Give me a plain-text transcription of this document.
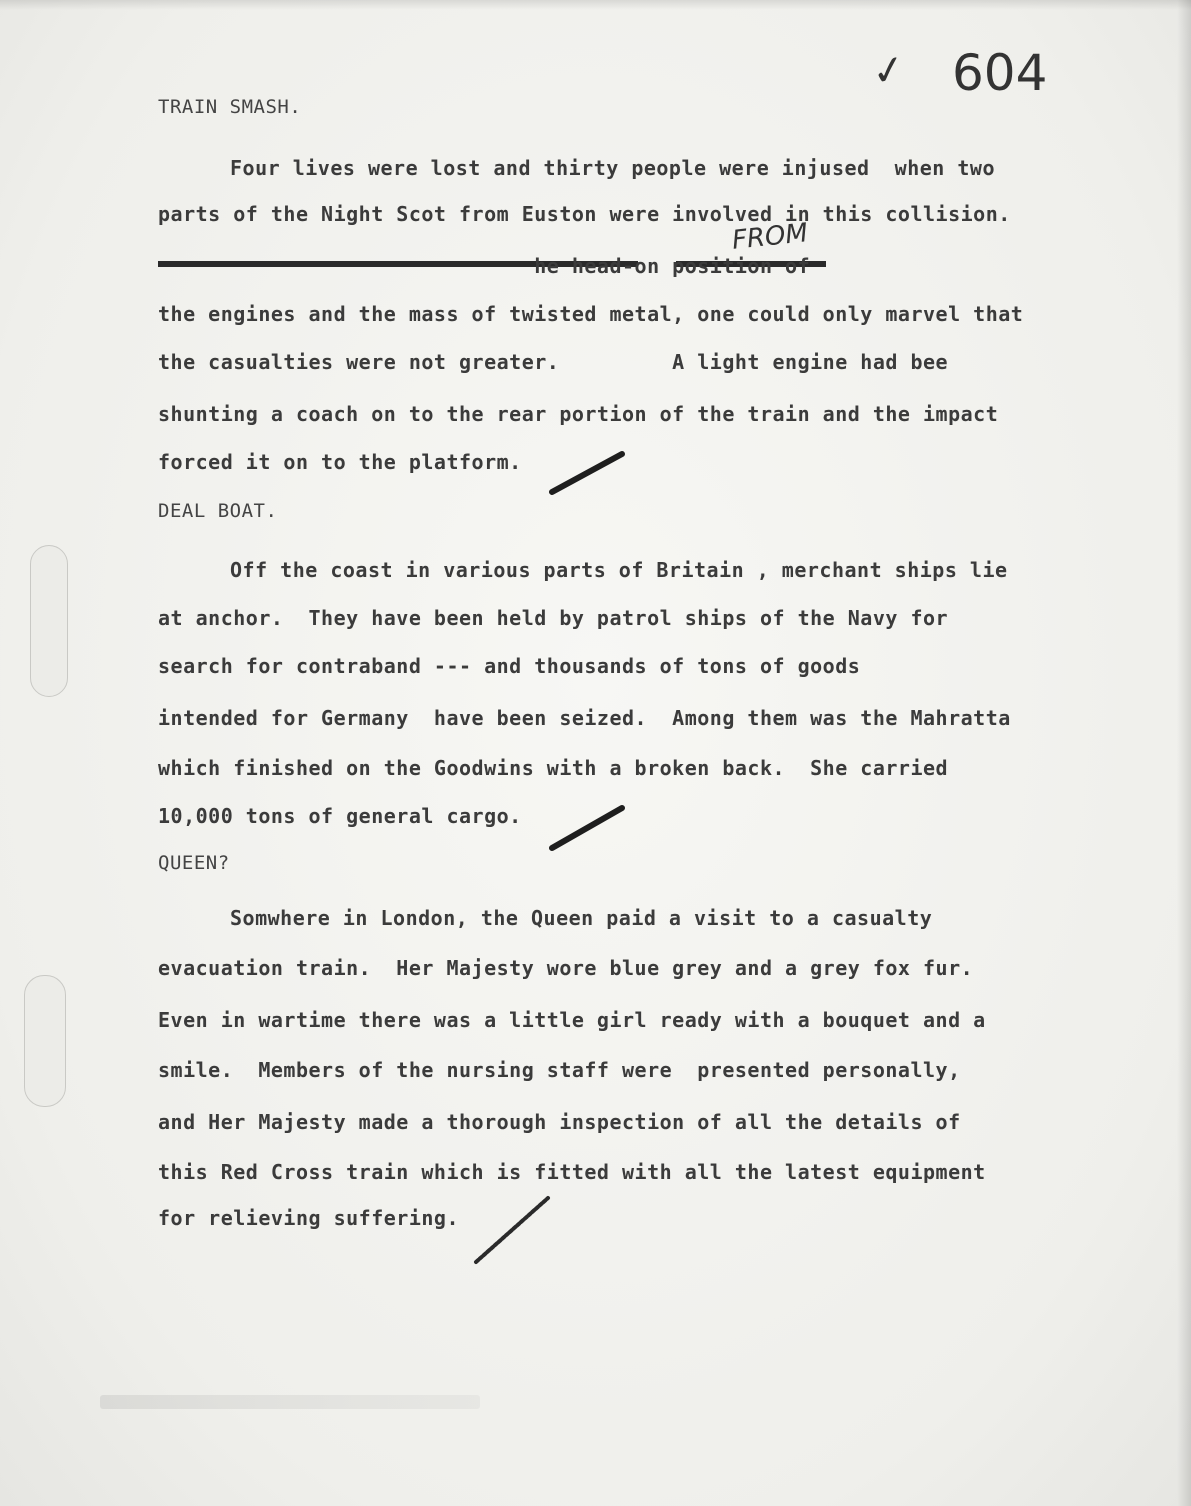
✓ 604
TRAIN SMASH.
Four lives were lost and thirty people were injused  when two
parts of the Night Scot from Euston were involved in this collision.
FROM
he head-on position of
the engines and the mass of twisted metal, one could only marvel that
the casualties were not greater.         A light engine had bee
shunting a coach on to the rear portion of the train and the impact
forced it on to the platform.
DEAL BOAT.
Off the coast in various parts of Britain , merchant ships lie
at anchor.  They have been held by patrol ships of the Navy for
search for contraband --- and thousands of tons of goods
intended for Germany  have been seized.  Among them was the Mahratta
which finished on the Goodwins with a broken back.  She carried
10,000 tons of general cargo.
QUEEN?
Somwhere in London, the Queen paid a visit to a casualty
evacuation train.  Her Majesty wore blue grey and a grey fox fur.
Even in wartime there was a little girl ready with a bouquet and a
smile.  Members of the nursing staff were  presented personally,
and Her Majesty made a thorough inspection of all the details of
this Red Cross train which is fitted with all the latest equipment
for relieving suffering.
